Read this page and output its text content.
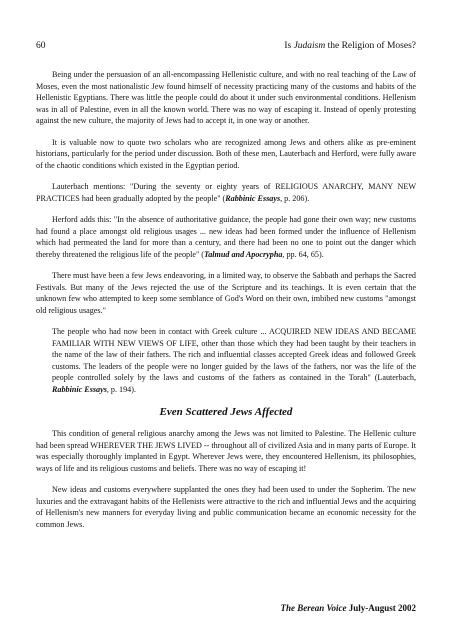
60	Is Judaism the Religion of Moses?

Being under the persuasion of an all-encompassing Hellenistic culture, and with no real teaching of the Law of Moses, even the most nationalistic Jew found himself of necessity practicing many of the customs and habits of the Hellenistic Egyptians. There was little the people could do about it under such environmental conditions. Hellenism was in all of Palestine, even in all the known world. There was no way of escaping it. Instead of openly protesting against the new culture, the majority of Jews had to accept it, in one way or another.

It is valuable now to quote two scholars who are recognized among Jews and others alike as pre-eminent historians, particularly for the period under discussion. Both of these men, Lauterbach and Herford, were fully aware of the chaotic conditions which existed in the Egyptian period.

Lauterbach mentions: "During the seventy or eighty years of RELIGIOUS ANARCHY, MANY NEW PRACTICES had been gradually adopted by the people" (Rabbinic Essays, p. 206).

Herford adds this: "In the absence of authoritative guidance, the people had gone their own way; new customs had found a place amongst old religious usages ... new ideas had been formed under the influence of Hellenism which had permeated the land for more than a century, and there had been no one to point out the danger which thereby threatened the religious life of the people" (Talmud and Apocrypha, pp. 64, 65).

There must have been a few Jews endeavoring, in a limited way, to observe the Sabbath and perhaps the Sacred Festivals. But many of the Jews rejected the use of the Scripture and its teachings. It is even certain that the unknown few who attempted to keep some semblance of God's Word on their own, imbibed new customs "amongst old religious usages."

The people who had now been in contact with Greek culture ... ACQUIRED NEW IDEAS AND BECAME FAMILIAR WITH NEW VIEWS OF LIFE, other than those which they had been taught by their teachers in the name of the law of their fathers. The rich and influential classes accepted Greek ideas and followed Greek customs. The leaders of the people were no longer guided by the laws of the fathers, nor was the life of the people controlled solely by the laws and customs of the fathers as contained in the Torah" (Lauterbach, Rabbinic Essays, p. 194).

Even Scattered Jews Affected

This condition of general religious anarchy among the Jews was not limited to Palestine. The Hellenic culture had been spread WHEREVER THE JEWS LIVED -- throughout all of civilized Asia and in many parts of Europe. It was especially thoroughly implanted in Egypt. Wherever Jews were, they encountered Hellenism, its philosophies, ways of life and its religious customs and beliefs. There was no way of escaping it!

New ideas and customs everywhere supplanted the ones they had been used to under the Sopherim. The new luxuries and the extravagant habits of the Hellenists were attractive to the rich and influential Jews and the acquiring of Hellenism's new manners for everyday living and public communication became an economic necessity for the common Jews.

The Berean Voice July-August 2002
